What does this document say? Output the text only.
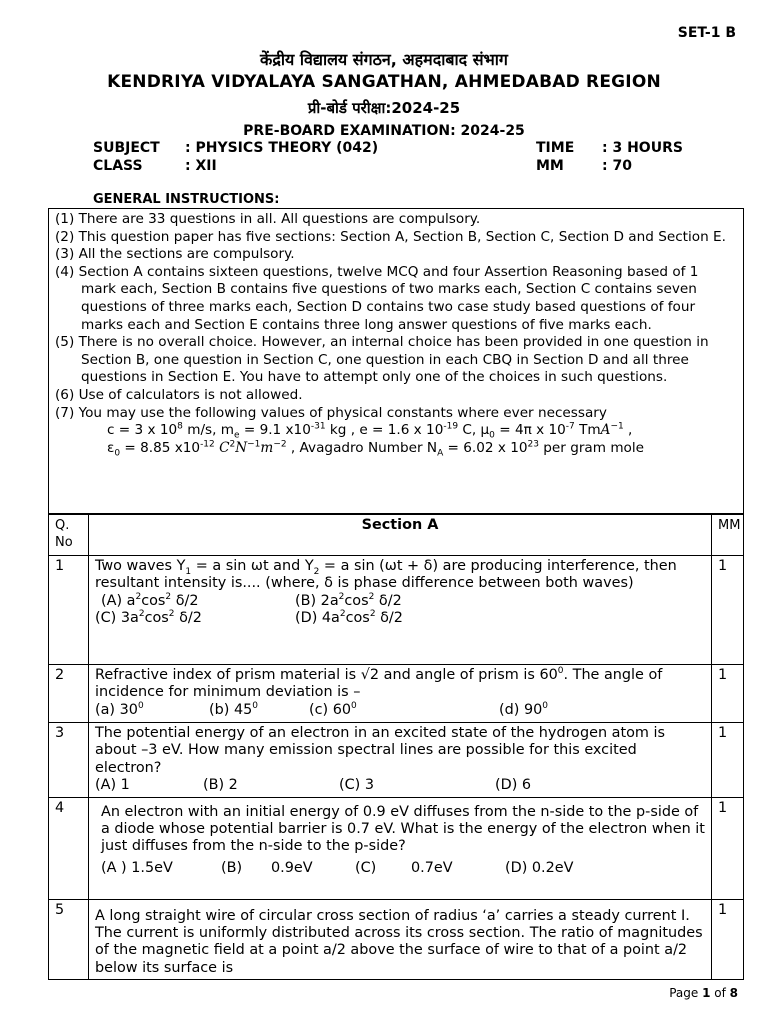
SET-1 B
केंद्रीय विद्यालय संगठन, अहमदाबाद संभाग
KENDRIYA VIDYALAYA SANGATHAN, AHMEDABAD REGION
प्री-बोर्ड परीक्षा:2024-25
PRE-BOARD EXAMINATION: 2024-25
SUBJECT : PHYSICS THEORY (042)	TIME : 3 HOURS
CLASS	: XII	MM	: 70
GENERAL INSTRUCTIONS:

(1) There are 33 questions in all. All questions are compulsory.

(2) This question paper has five sections: Section A, Section B, Section C, Section D and Section E.

(3) All the sections are compulsory.

(4) Section A contains sixteen questions, twelve MCQ and four Assertion Reasoning based of 1 mark each, Section B contains five questions of two marks each, Section C contains seven questions of three marks each, Section D contains two case study based questions of four marks each and Section E contains three long answer questions of five marks each.

(5) There is no overall choice. However, an internal choice has been provided in one question in Section B, one question in Section C, one question in each CBQ in Section D and all three questions in Section E. You have to attempt only one of the choices in such questions.

(6) Use of calculators is not allowed.

(7) You may use the following values of physical constants where ever necessary

c = 3 x $10^8$ m/s, $m_e = 9.1$ $x10^{-31}$ kg , e = 1.6 x $10^{-19}$ C, $\mu_0 = 4\pi$ x $10^{-7}$ TmA$^{-1}$ ,
$\varepsilon_0 = 8.85$ $x10^{-12}$ $C^2N^{-1}m^{-2}$ , Avagadro Number $N_A = 6.02$ x $10^{23}$ per gram mole
Q. No	Section A	MM
1	Two waves $Y_1 = a$ sin ωt and $Y_2 = a$ sin (ωt + δ) are producing interference, then resultant intensity is.... (where, δ is phase difference between both waves)
(A) $a^2\cos^2$ δ/2 (B) $2a^2\cos^2$ δ/2
(C) $3a^2\cos^2$ δ/2 (D) $4a^2\cos^2$ δ/2	1
2	Refractive index of prism material is √2 and angle of prism is $60^0$. The angle of incidence for minimum deviation is –
(a) $30^0$ (b) $45^0$ (c) $60^0$ (d) $90^0$	1
3	The potential energy of an electron in an excited state of the hydrogen atom is about –3 eV. How many emission spectral lines are possible for this excited electron?
(A) 1 (B) 2 (C) 3 (D) 6	1
4	An electron with an initial energy of 0.9 eV diffuses from the n-side to the p-side of a diode whose potential barrier is 0.7 eV. What is the energy of the electron when it just diffuses from the n-side to the p-side?
(A ) 1.5eV (B) 0.9eV (C) 0.7eV (D) 0.2eV	1
5	A long straight wire of circular cross section of radius ‘a’ carries a steady current I. The current is uniformly distributed across its cross section. The ratio of magnitudes of the magnetic field at a point a/2 above the surface of wire to that of a point a/2 below its surface is	1
Page 1 of 8
